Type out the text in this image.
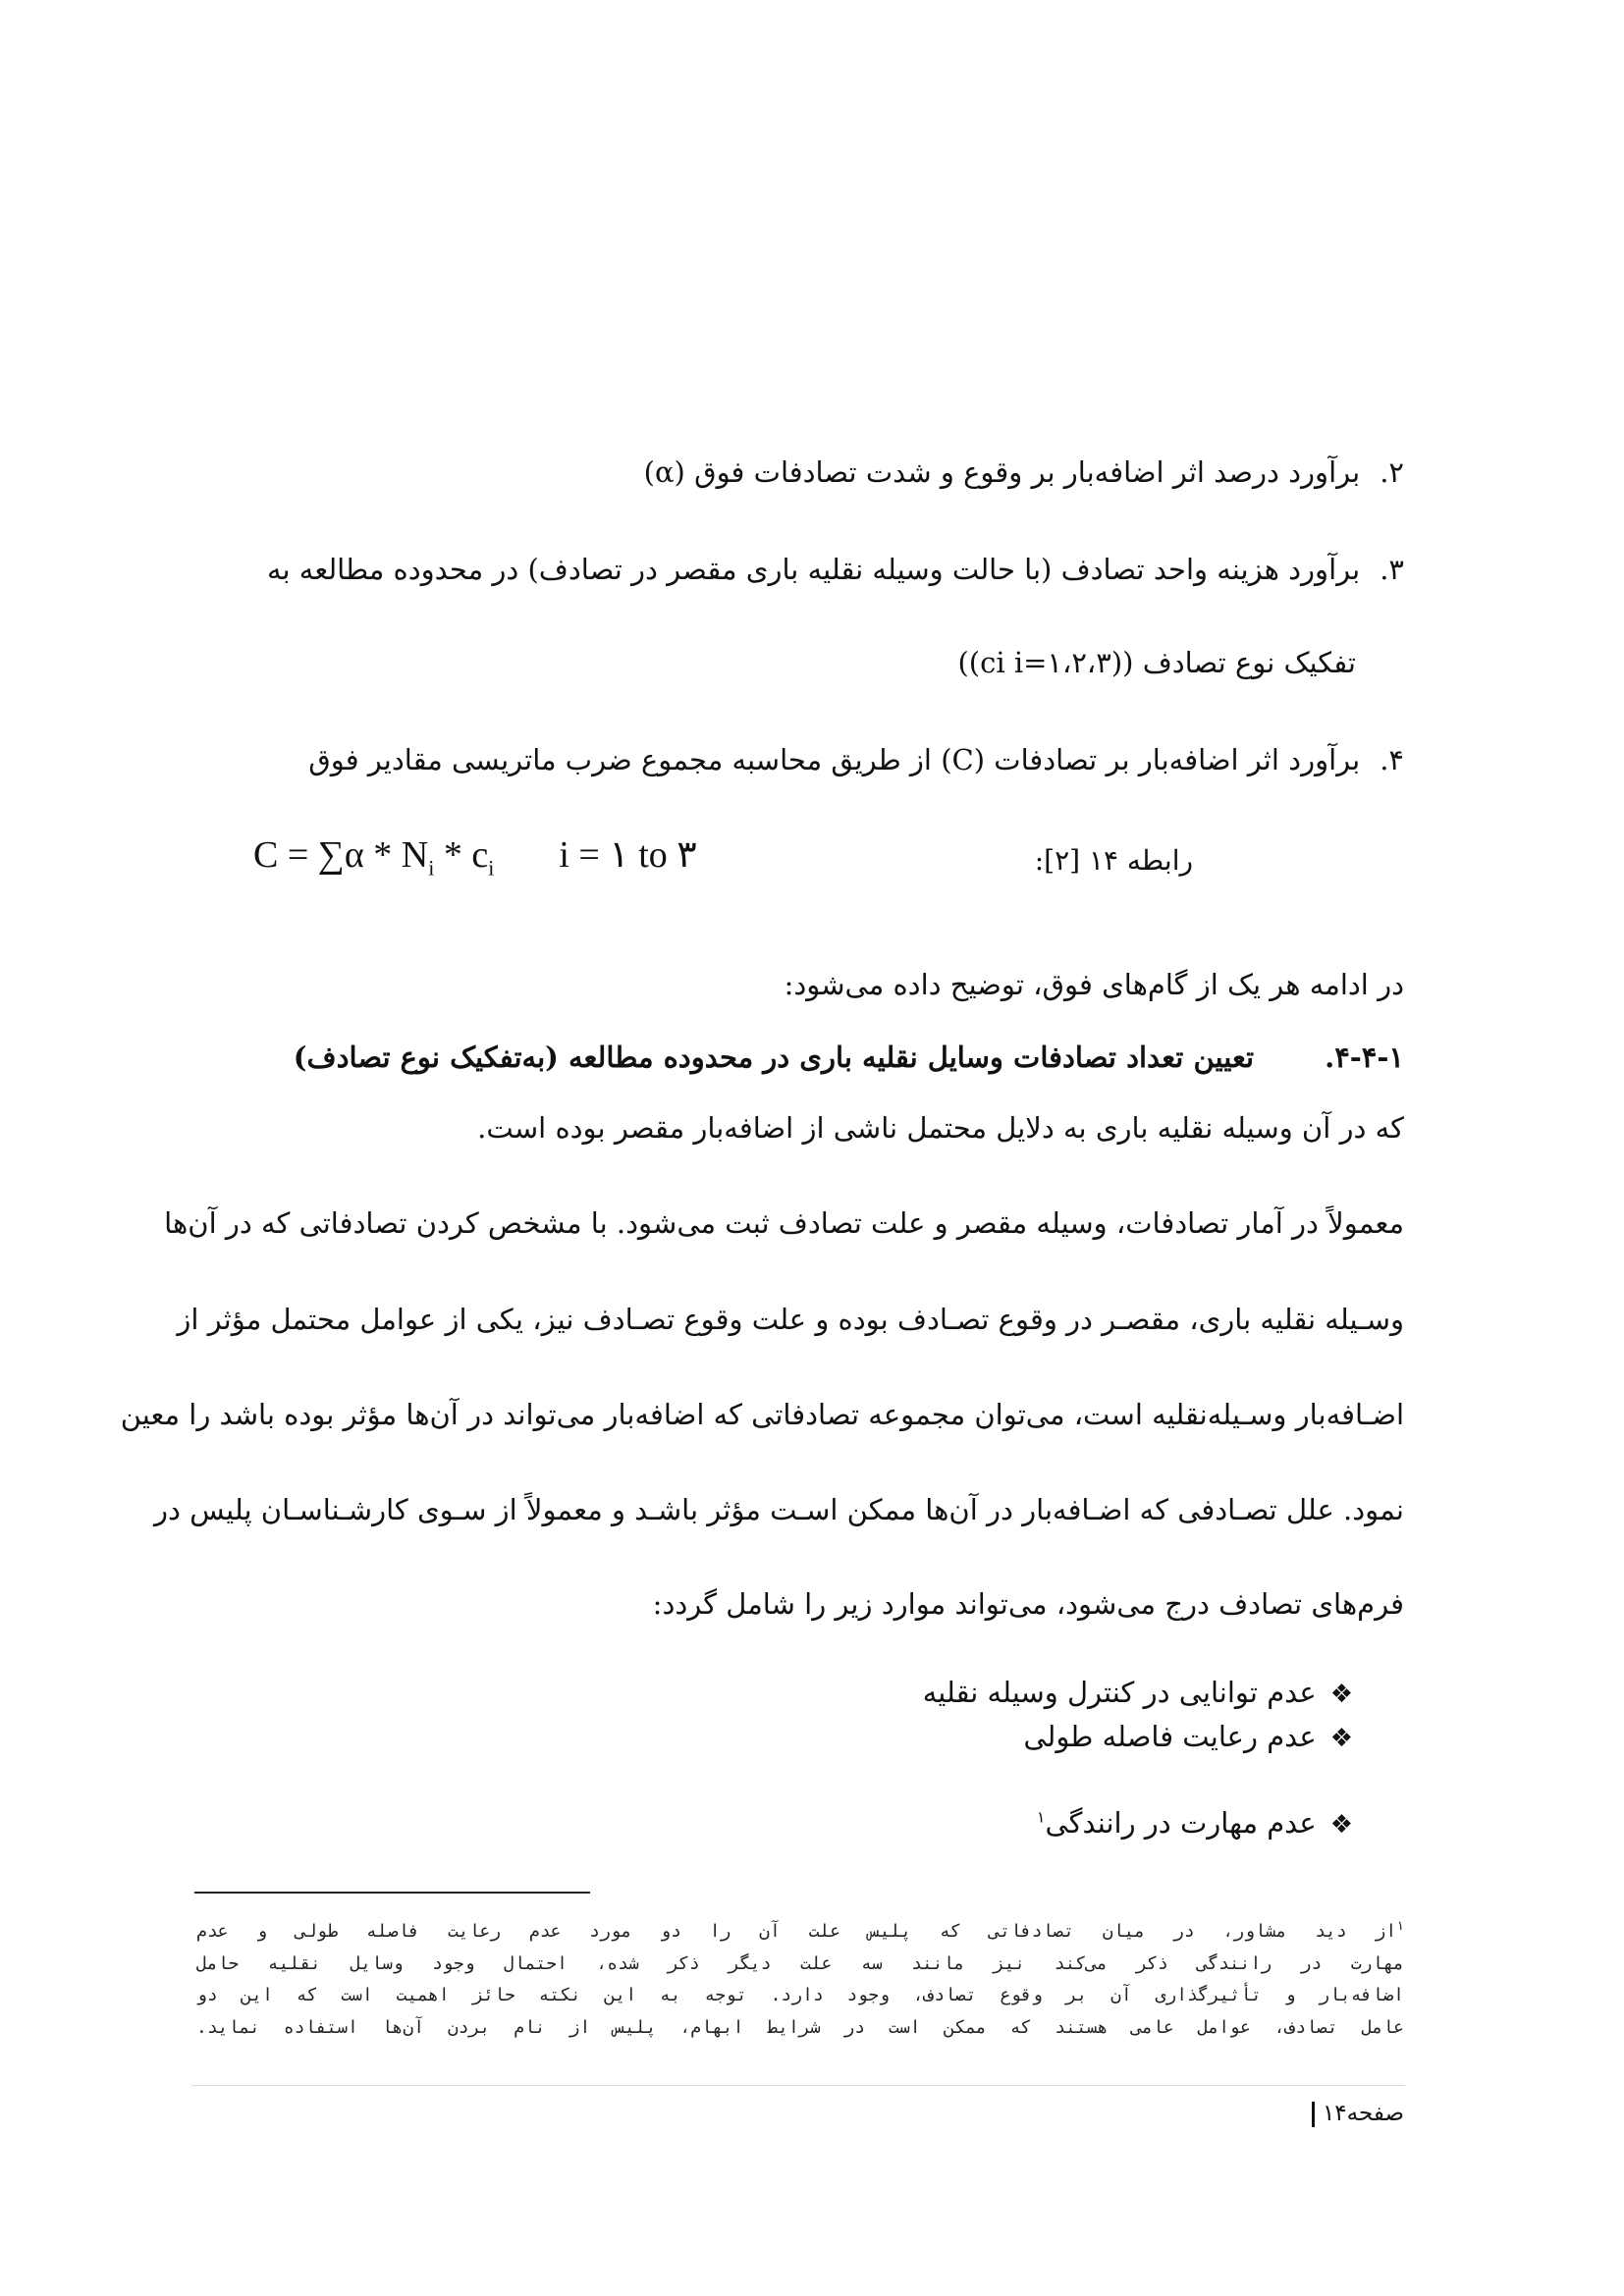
۲.برآورد درصد اثر اضافه‌بار بر وقوع و شدت تصادفات فوق (α)
۳.برآورد هزینه واحد تصادف (با حالت وسیله نقلیه باری مقصر در تصادف) در محدوده مطالعه به
تفکیک نوع تصادف ((ci i=۱،۲،۳))
۴.برآورد اثر اضافه‌بار بر تصادفات (C) از طریق محاسبه مجموع ضرب ماتریسی مقادیر فوق
$C = \sum\alpha * N_i * c_i$ i = ۱ to ۳	رابطه ۱۴ [۲]:
در ادامه هر یک از گام‌های فوق، توضیح داده می‌شود:
۴-۴-۱.تعیین تعداد تصادفات وسایل نقلیه باری در محدوده مطالعه (به‌تفکیک نوع تصادف)
که در آن وسیله نقلیه باری به دلایل محتمل ناشی از اضافه‌بار مقصر بوده است.
معمولاً در آمار تصادفات، وسیله مقصر و علت تصادف ثبت می‌شود. با مشخص کردن تصادفاتی که در آن‌ها
وسـیله نقلیه باری، مقصـر در وقوع تصـادف بوده و علت وقوع تصـادف نیز، یکی از عوامل محتمل مؤثر از
اضـافه‌بار وسـیله‌نقلیه است، می‌توان مجموعه تصادفاتی که اضافه‌بار می‌تواند در آن‌ها مؤثر بوده باشد را معین
نمود. علل تصـادفی که اضـافه‌بار در آن‌ها ممکن اسـت مؤثر باشـد و معمولاً از سـوی کارشـناسـان پلیس در
فرم‌های تصادف درج می‌شود، می‌تواند موارد زیر را شامل گردد:
❖عدم توانایی در کنترل وسیله نقلیه
❖عدم رعایت فاصله طولی
❖عدم مهارت در رانندگی$^۱$
$^۱$از دید مشاور، در میان تصادفاتی که پلیس علت آن را دو مورد عدم رعایت فاصله طولی و عدم
مهارت در رانندگی ذکر می‌کند نیز مانند سه علت دیگر ذکر شده، احتمال وجود وسایل نقلیه حامل
اضافه‌بار و تأثیرگذاری آن بر وقوع تصادف، وجود دارد. توجه به این نکته حائز اهمیت است که این دو
عامل تصادف، عوامل عامی هستند که ممکن است در شرایط ابهام، پلیس از نام بردن آن‌ها استفاده نماید.
صفحه۱۴
